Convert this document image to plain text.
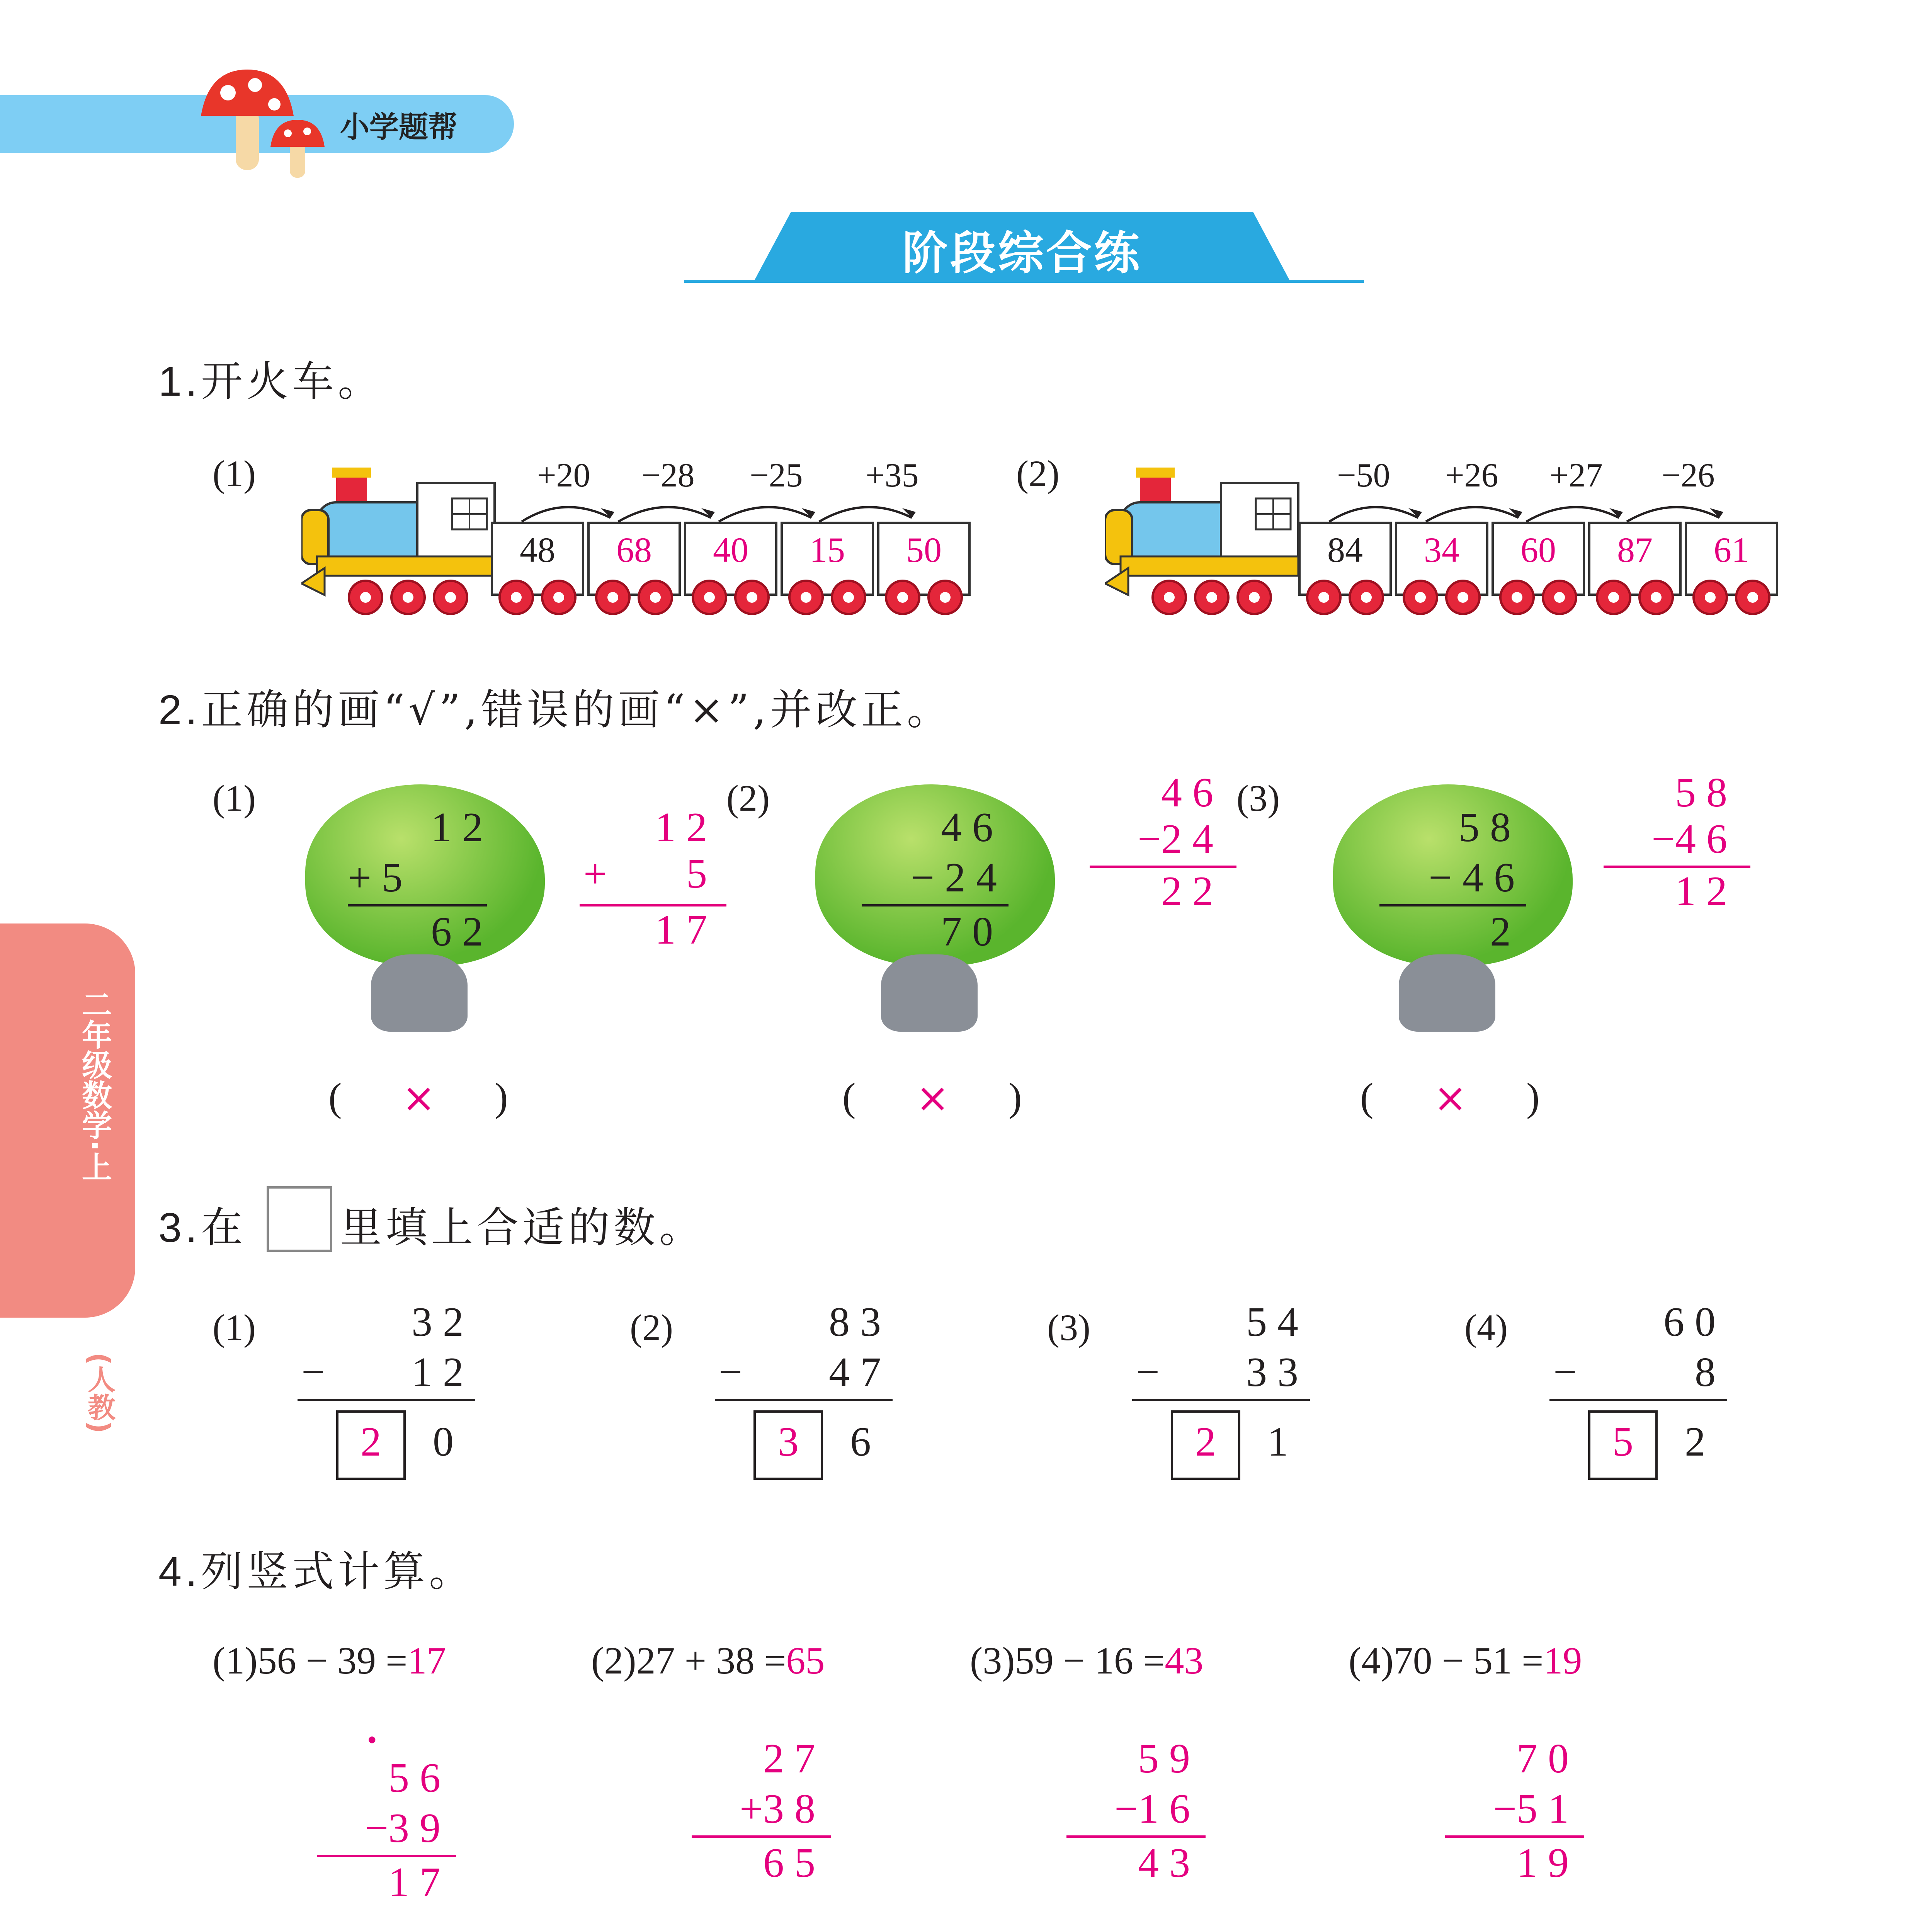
小学题帮
阶段综合练
二年级数学·上
(人教)
1.开火车。
(1)
48	68	40	15	50
+20 −28 −25 +35	(2)
84	34	60	87	61
−50 +26 +27 −26
2.正确的画“√”,错误的画“×”,并改正。
(1)
1 2
+ 5
6 2
1 2
+	5
1 7
( × )
(2)
4 6
− 2 4
7 0
4 6
−2 4
2 2
( × )
(3)
5 8
− 4 6
2
5 8
−4 6
1 2
( × )
3.在 里填上合适的数。
(1)	3 2
−	1 2
2	0
(2)	8 3
−	4 7
3	6
(3)	5 4
−	3 3
2	1
(4)	6 0
−	8
5	2
4.列竖式计算。
(1)56 − 39 =17	(2)27 + 38 =65	(3)59 − 16 =43	(4)70 − 51 =19
•
5 6
−3 9
1 7
2 7
+3 8
6 5
5 9
−1 6
4 3
7 0
−5 1
1 9
